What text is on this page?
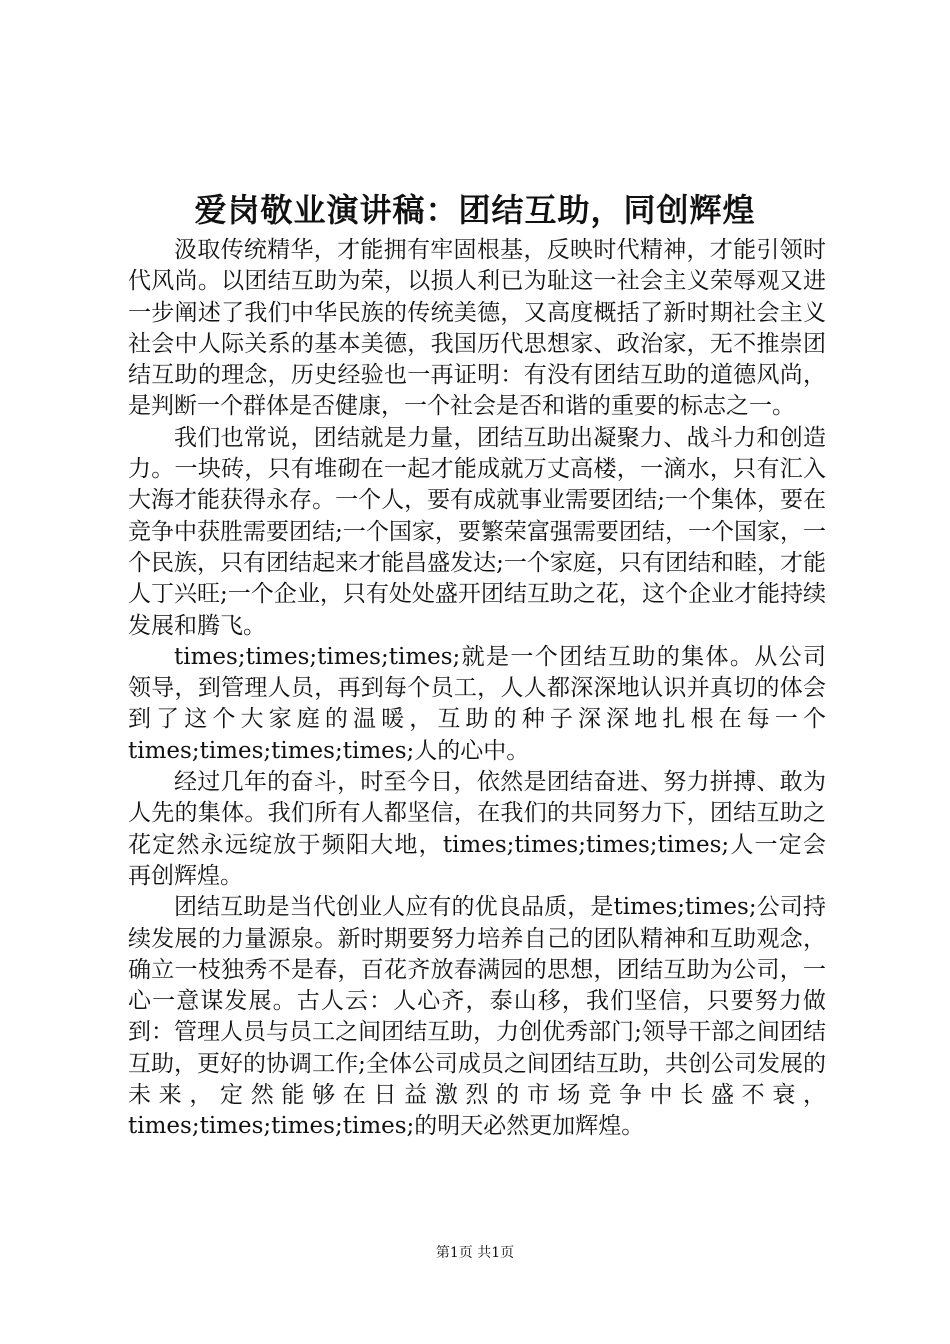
爱岗敬业演讲稿：团结互助，同创辉煌

汲取传统精华，才能拥有牢固根基，反映时代精神，才能引领时代风尚。以团结互助为荣，以损人利已为耻这一社会主义荣辱观又进一步阐述了我们中华民族的传统美德，又高度概括了新时期社会主义社会中人际关系的基本美德，我国历代思想家、政治家，无不推崇团结互助的理念，历史经验也一再证明：有没有团结互助的道德风尚，是判断一个群体是否健康，一个社会是否和谐的重要的标志之一。

我们也常说，团结就是力量，团结互助出凝聚力、战斗力和创造力。一块砖，只有堆砌在一起才能成就万丈高楼，一滴水，只有汇入大海才能获得永存。一个人，要有成就事业需要团结;一个集体，要在竞争中获胜需要团结;一个国家，要繁荣富强需要团结，一个国家，一个民族，只有团结起来才能昌盛发达;一个家庭，只有团结和睦，才能人丁兴旺;一个企业，只有处处盛开团结互助之花，这个企业才能持续发展和腾飞。

times;times;times;times;就是一个团结互助的集体。从公司领导，到管理人员，再到每个员工，人人都深深地认识并真切的体会到了这个大家庭的温暖，互助的种子深深地扎根在每一个times;times;times;times;人的心中。

经过几年的奋斗，时至今日，依然是团结奋进、努力拼搏、敢为人先的集体。我们所有人都坚信，在我们的共同努力下，团结互助之花定然永远绽放于频阳大地，times;times;times;times;人一定会再创辉煌。

团结互助是当代创业人应有的优良品质，是times;times;公司持续发展的力量源泉。新时期要努力培养自己的团队精神和互助观念，确立一枝独秀不是春，百花齐放春满园的思想，团结互助为公司，一心一意谋发展。古人云：人心齐，泰山移，我们坚信，只要努力做到：管理人员与员工之间团结互助，力创优秀部门;领导干部之间团结互助，更好的协调工作;全体公司成员之间团结互助，共创公司发展的未来，定然能够在日益激烈的市场竞争中长盛不衰，times;times;times;times;的明天必然更加辉煌。

第1页 共1页
